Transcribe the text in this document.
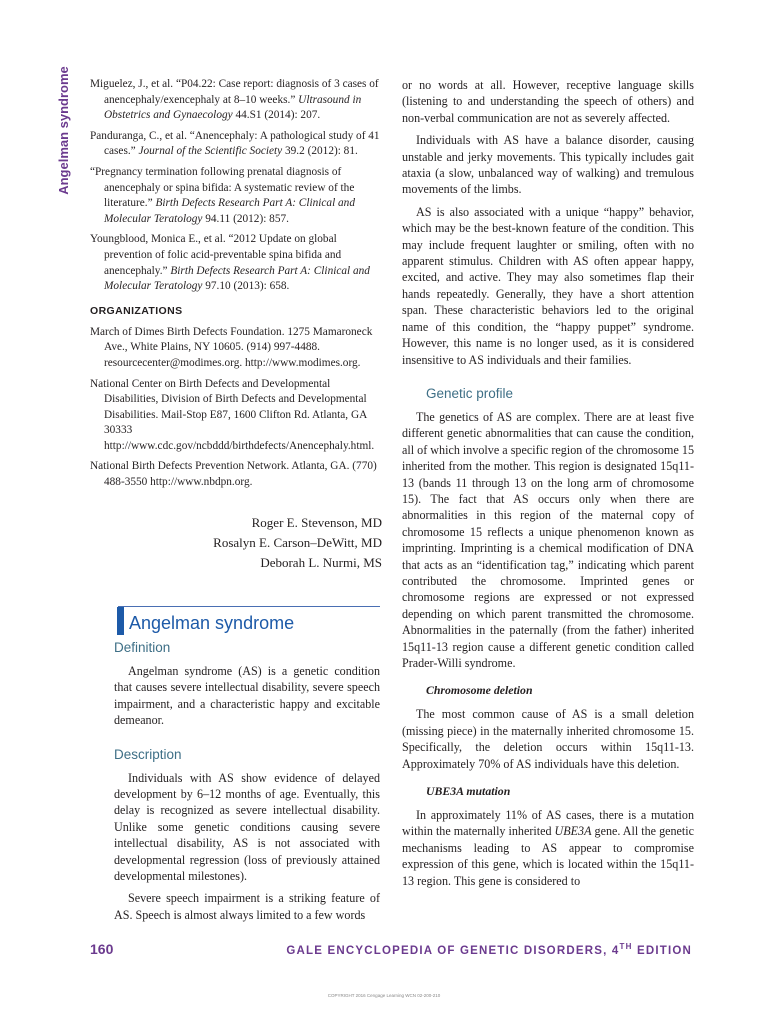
Angelman syndrome Miguelez, J., et al. “P04.22: Case report: diagnosis of 3 cases of anencephaly/exencephaly at 8–10 weeks.” Ultrasound in Obstetrics and Gynaecology 44.S1 (2014): 207.

Panduranga, C., et al. “Anencephaly: A pathological study of 41 cases.” Journal of the Scientific Society 39.2 (2012): 81.

“Pregnancy termination following prenatal diagnosis of anencephaly or spina bifida: A systematic review of the literature.” Birth Defects Research Part A: Clinical and Molecular Teratology 94.11 (2012): 857.

Youngblood, Monica E., et al. “2012 Update on global prevention of folic acid-preventable spina bifida and anencephaly.” Birth Defects Research Part A: Clinical and Molecular Teratology 97.10 (2013): 658.

ORGANIZATIONS

March of Dimes Birth Defects Foundation. 1275 Mamaroneck Ave., White Plains, NY 10605. (914) 997-4488. resourcecenter@modimes.org. http://www.modimes.org.

National Center on Birth Defects and Developmental Disabilities, Division of Birth Defects and Developmental Disabilities. Mail-Stop E87, 1600 Clifton Rd. Atlanta, GA 30333 http://www.cdc.gov/ncbddd/birthdefects/Anencephaly.html.

National Birth Defects Prevention Network. Atlanta, GA. (770) 488-3550 http://www.nbdpn.org.

Roger E. Stevenson, MD
Rosalyn E. Carson–DeWitt, MD
Deborah L. Nurmi, MS
Angelman syndrome
Definition

Angelman syndrome (AS) is a genetic condition that causes severe intellectual disability, severe speech impairment, and a characteristic happy and excitable demeanor.

Description

Individuals with AS show evidence of delayed development by 6–12 months of age. Eventually, this delay is recognized as severe intellectual disability. Unlike some genetic conditions causing severe intellectual disability, AS is not associated with developmental regression (loss of previously attained developmental milestones).

Severe speech impairment is a striking feature of AS. Speech is almost always limited to a few words

or no words at all. However, receptive language skills (listening to and understanding the speech of others) and non-verbal communication are not as severely affected.

Individuals with AS have a balance disorder, causing unstable and jerky movements. This typically includes gait ataxia (a slow, unbalanced way of walking) and tremulous movements of the limbs.

AS is also associated with a unique “happy” behavior, which may be the best-known feature of the condition. This may include frequent laughter or smiling, often with no apparent stimulus. Children with AS often appear happy, excited, and active. They may also sometimes flap their hands repeatedly. Generally, they have a short attention span. These characteristic behaviors led to the original name of this condition, the “happy puppet” syndrome. However, this name is no longer used, as it is considered insensitive to AS individuals and their families.

Genetic profile

The genetics of AS are complex. There are at least five different genetic abnormalities that can cause the condition, all of which involve a specific region of the chromosome 15 inherited from the mother. This region is designated 15q11-13 (bands 11 through 13 on the long arm of chromosome 15). The fact that AS occurs only when there are abnormalities in this region of the maternal copy of chromosome 15 reflects a unique phenomenon known as imprinting. Imprinting is a chemical modification of DNA that acts as an “identification tag,” indicating which parent contributed the chromosome. Imprinted genes or chromosome regions are expressed or not expressed depending on which parent transmitted the chromosome. Abnormalities in the paternally (from the father) inherited 15q11-13 region cause a different genetic condition called Prader-Willi syndrome.

Chromosome deletion

The most common cause of AS is a small deletion (missing piece) in the maternally inherited chromosome 15. Specifically, the deletion occurs within 15q11-13. Approximately 70% of AS individuals have this deletion.

UBE3A mutation

In approximately 11% of AS cases, there is a mutation within the maternally inherited UBE3A gene. All the genetic mechanisms leading to AS appear to compromise expression of this gene, which is located within the 15q11-13 region. This gene is considered to

160	GALE ENCYCLOPEDIA OF GENETIC DISORDERS, 4TH EDITION
COPYRIGHT 2016 Cengage Learning WCN 02-200-210
